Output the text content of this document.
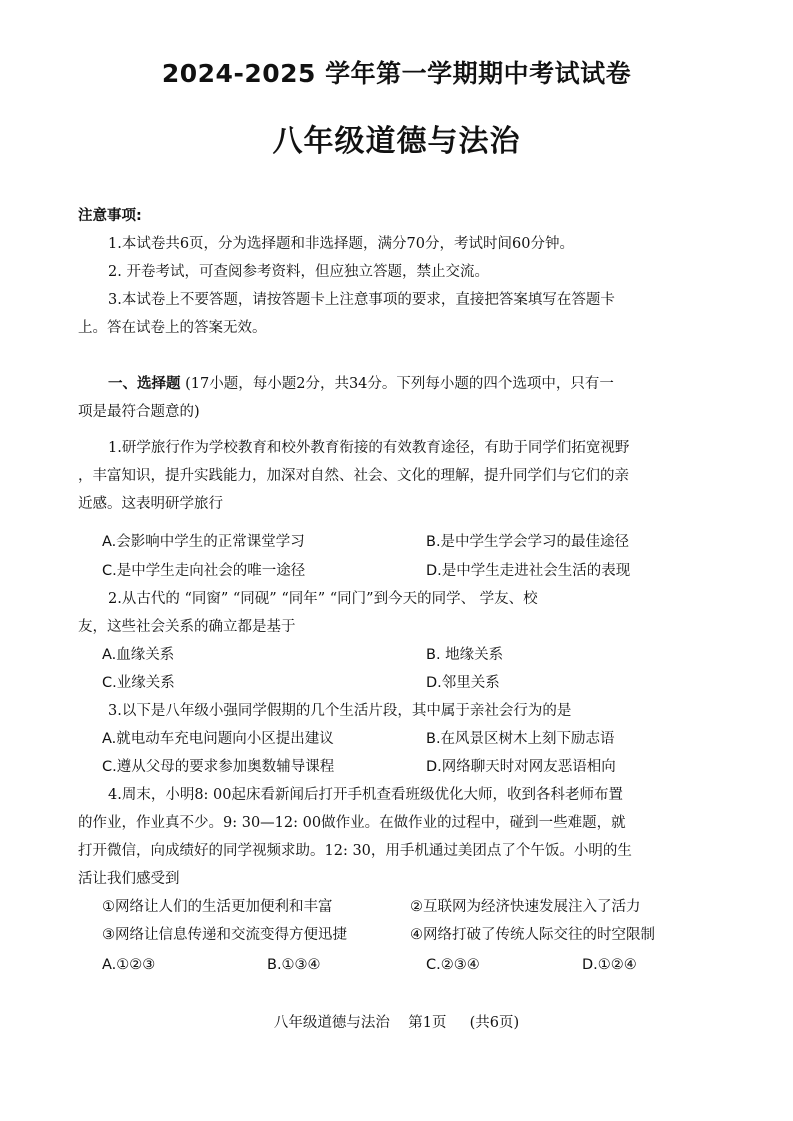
2024-2025 学年第一学期期中考试试卷
八年级道德与法治
注意事项:
1.本试卷共6页，分为选择题和非选择题，满分70分，考试时间60分钟。
2. 开卷考试，可查阅参考资料，但应独立答题，禁止交流。
3.本试卷上不要答题，请按答题卡上注意事项的要求，直接把答案填写在答题卡
上。答在试卷上的答案无效。
一、选择题 (17小题，每小题2分，共34分。下列每小题的四个选项中，只有一
项是最符合题意的)
1.研学旅行作为学校教育和校外教育衔接的有效教育途径，有助于同学们拓宽视野
，丰富知识，提升实践能力，加深对自然、社会、文化的理解，提升同学们与它们的亲
近感。这表明研学旅行
A.会影响中学生的正常课堂学习	B.是中学生学会学习的最佳途径
C.是中学生走向社会的唯一途径	D.是中学生走进社会生活的表现
2.从古代的 “同窗” “同砚” “同年” “同门”到今天的同学、 学友、校
友，这些社会关系的确立都是基于
A.血缘关系	B. 地缘关系
C.业缘关系	D.邻里关系
3.以下是八年级小强同学假期的几个生活片段，其中属于亲社会行为的是
A.就电动车充电问题向小区提出建议	B.在风景区树木上刻下励志语
C.遵从父母的要求参加奥数辅导课程	D.网络聊天时对网友恶语相向
4.周末，小明8: 00起床看新闻后打开手机查看班级优化大师，收到各科老师布置
的作业，作业真不少。9: 30—12: 00做作业。在做作业的过程中，碰到一些难题，就
打开微信，向成绩好的同学视频求助。12: 30，用手机通过美团点了个午饭。小明的生
活让我们感受到
①网络让人们的生活更加便利和丰富	②互联网为经济快速发展注入了活力
③网络让信息传递和交流变得方便迅捷	④网络打破了传统人际交往的时空限制
A.①②③	B.①③④	C.②③④	D.①②④
八年级道德与法治    第1页     (共6页)
